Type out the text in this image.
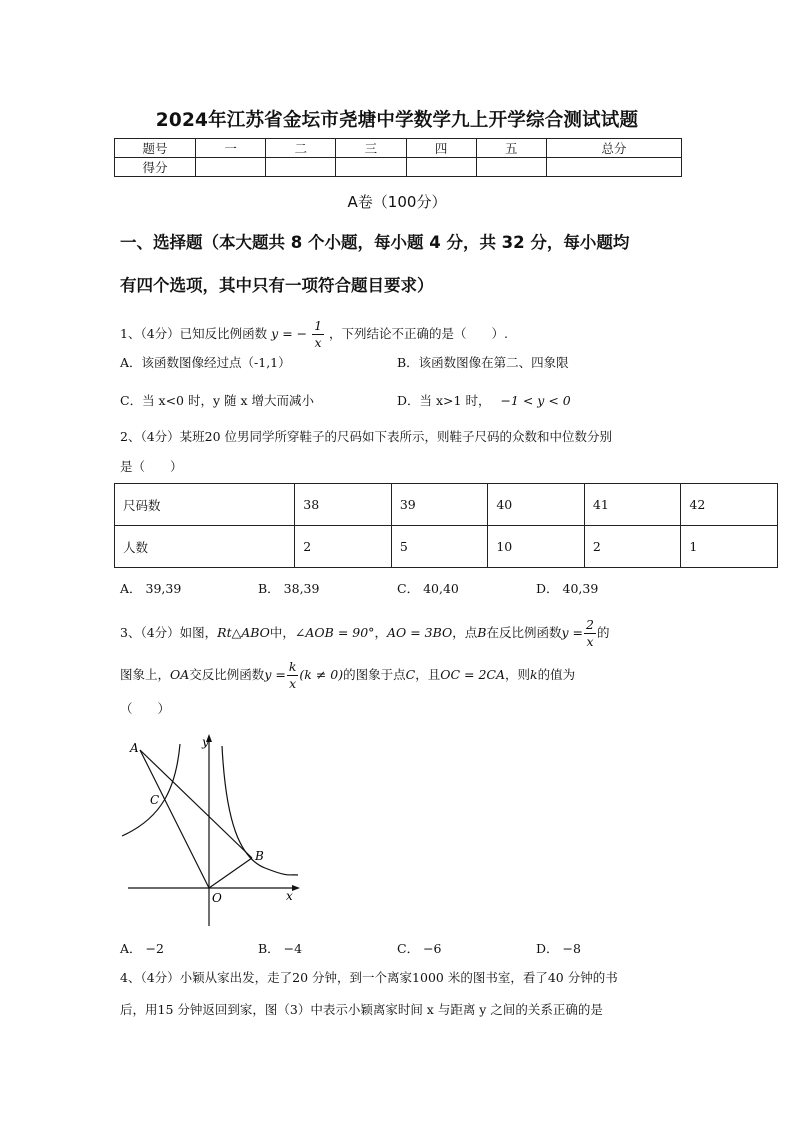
2024年江苏省金坛市尧塘中学数学九上开学综合测试试题
题号	一	二	三	四	五	总分
得分						
A卷（100分）
一、选择题（本大题共 8 个小题，每小题 4 分，共 32 分，每小题均
有四个选项，其中只有一项符合题目要求）
1、（4分）已知反比例函数 y = − $\frac{1}{x}$ ，下列结论不正确的是（　　）.
A．该函数图像经过点（-1,1）	B．该函数图像在第二、四象限
C．当 x<0 时，y 随 x 增大而减小	D．当 x>1 时， −1 < y < 0
2、（4分）某班20 位男同学所穿鞋子的尺码如下表所示，则鞋子尺码的众数和中位数分别
是（　　）
尺码数	38	39	40	41	42
人数	2	5	10	2	1
A． 39,39	B． 38,39	C． 40,40	D． 40,39
3、（4分）如图，Rt△ABO中，∠AOB = 90°，AO = 3BO，点B在反比例函数$y = \frac{2}{x}$ 的
图象上，OA交反比例函数$y = \frac{k}{x} (k \ne 0)$的图象于点C，且OC = 2CA，则k的值为
（　　）
A
C
B
O	x
y
A． −2	B． −4	C． −6	D． −8
4、（4分）小颖从家出发，走了20 分钟，到一个离家1000 米的图书室，看了40 分钟的书
后，用15 分钟返回到家，图（3）中表示小颖离家时间 x 与距离 y 之间的关系正确的是
